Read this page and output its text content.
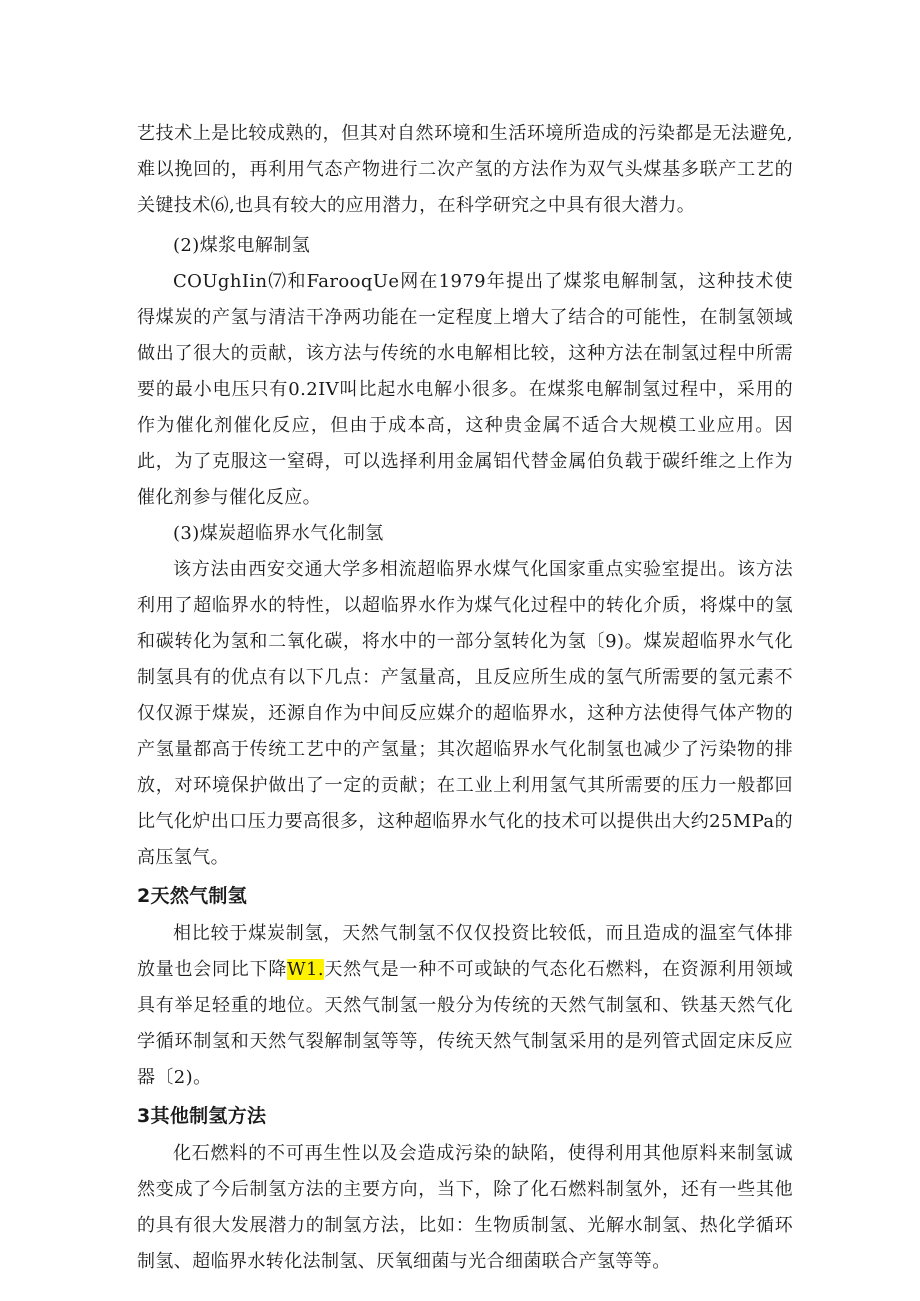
艺技术上是比较成熟的，但其对自然环境和生活环境所造成的污染都是无法避免,难以挽回的，再利用气态产物进行二次产氢的方法作为双气头煤基多联产工艺的关键技术⑹,也具有较大的应用潜力，在科学研究之中具有很大潜力。

(2)煤浆电解制氢

COUghIin⑺和FarooqUe网在1979年提出了煤浆电解制氢，这种技术使得煤炭的产氢与清洁干净两功能在一定程度上增大了结合的可能性，在制氢领域做出了很大的贡献，该方法与传统的水电解相比较，这种方法在制氢过程中所需要的最小电压只有0.2IV叫比起水电解小很多。在煤浆电解制氢过程中，采用的作为催化剂催化反应，但由于成本高，这种贵金属不适合大规模工业应用。因此，为了克服这一窒碍，可以选择利用金属铝代替金属伯负载于碳纤维之上作为催化剂参与催化反应。

(3)煤炭超临界水气化制氢

该方法由西安交通大学多相流超临界水煤气化国家重点实验室提出。该方法利用了超临界水的特性，以超临界水作为煤气化过程中的转化介质，将煤中的氢和碳转化为氢和二氧化碳，将水中的一部分氢转化为氢〔9)。煤炭超临界水气化制氢具有的优点有以下几点：产氢量高，且反应所生成的氢气所需要的氢元素不仅仅源于煤炭，还源自作为中间反应媒介的超临界水，这种方法使得气体产物的产氢量都高于传统工艺中的产氢量；其次超临界水气化制氢也减少了污染物的排放，对环境保护做出了一定的贡献；在工业上利用氢气其所需要的压力一般都回比气化炉出口压力要高很多，这种超临界水气化的技术可以提供出大约25MPa的高压氢气。

2天然气制氢

相比较于煤炭制氢，天然气制氢不仅仅投资比较低，而且造成的温室气体排放量也会同比下降W1.天然气是一种不可或缺的气态化石燃料，在资源利用领域具有举足轻重的地位。天然气制氢一般分为传统的天然气制氢和、铁基天然气化学循环制氢和天然气裂解制氢等等，传统天然气制氢采用的是列管式固定床反应器〔2)。

3其他制氢方法

化石燃料的不可再生性以及会造成污染的缺陷，使得利用其他原料来制氢诚然变成了今后制氢方法的主要方向，当下，除了化石燃料制氢外，还有一些其他的具有很大发展潜力的制氢方法，比如：生物质制氢、光解水制氢、热化学循环制氢、超临界水转化法制氢、厌氧细菌与光合细菌联合产氢等等。
